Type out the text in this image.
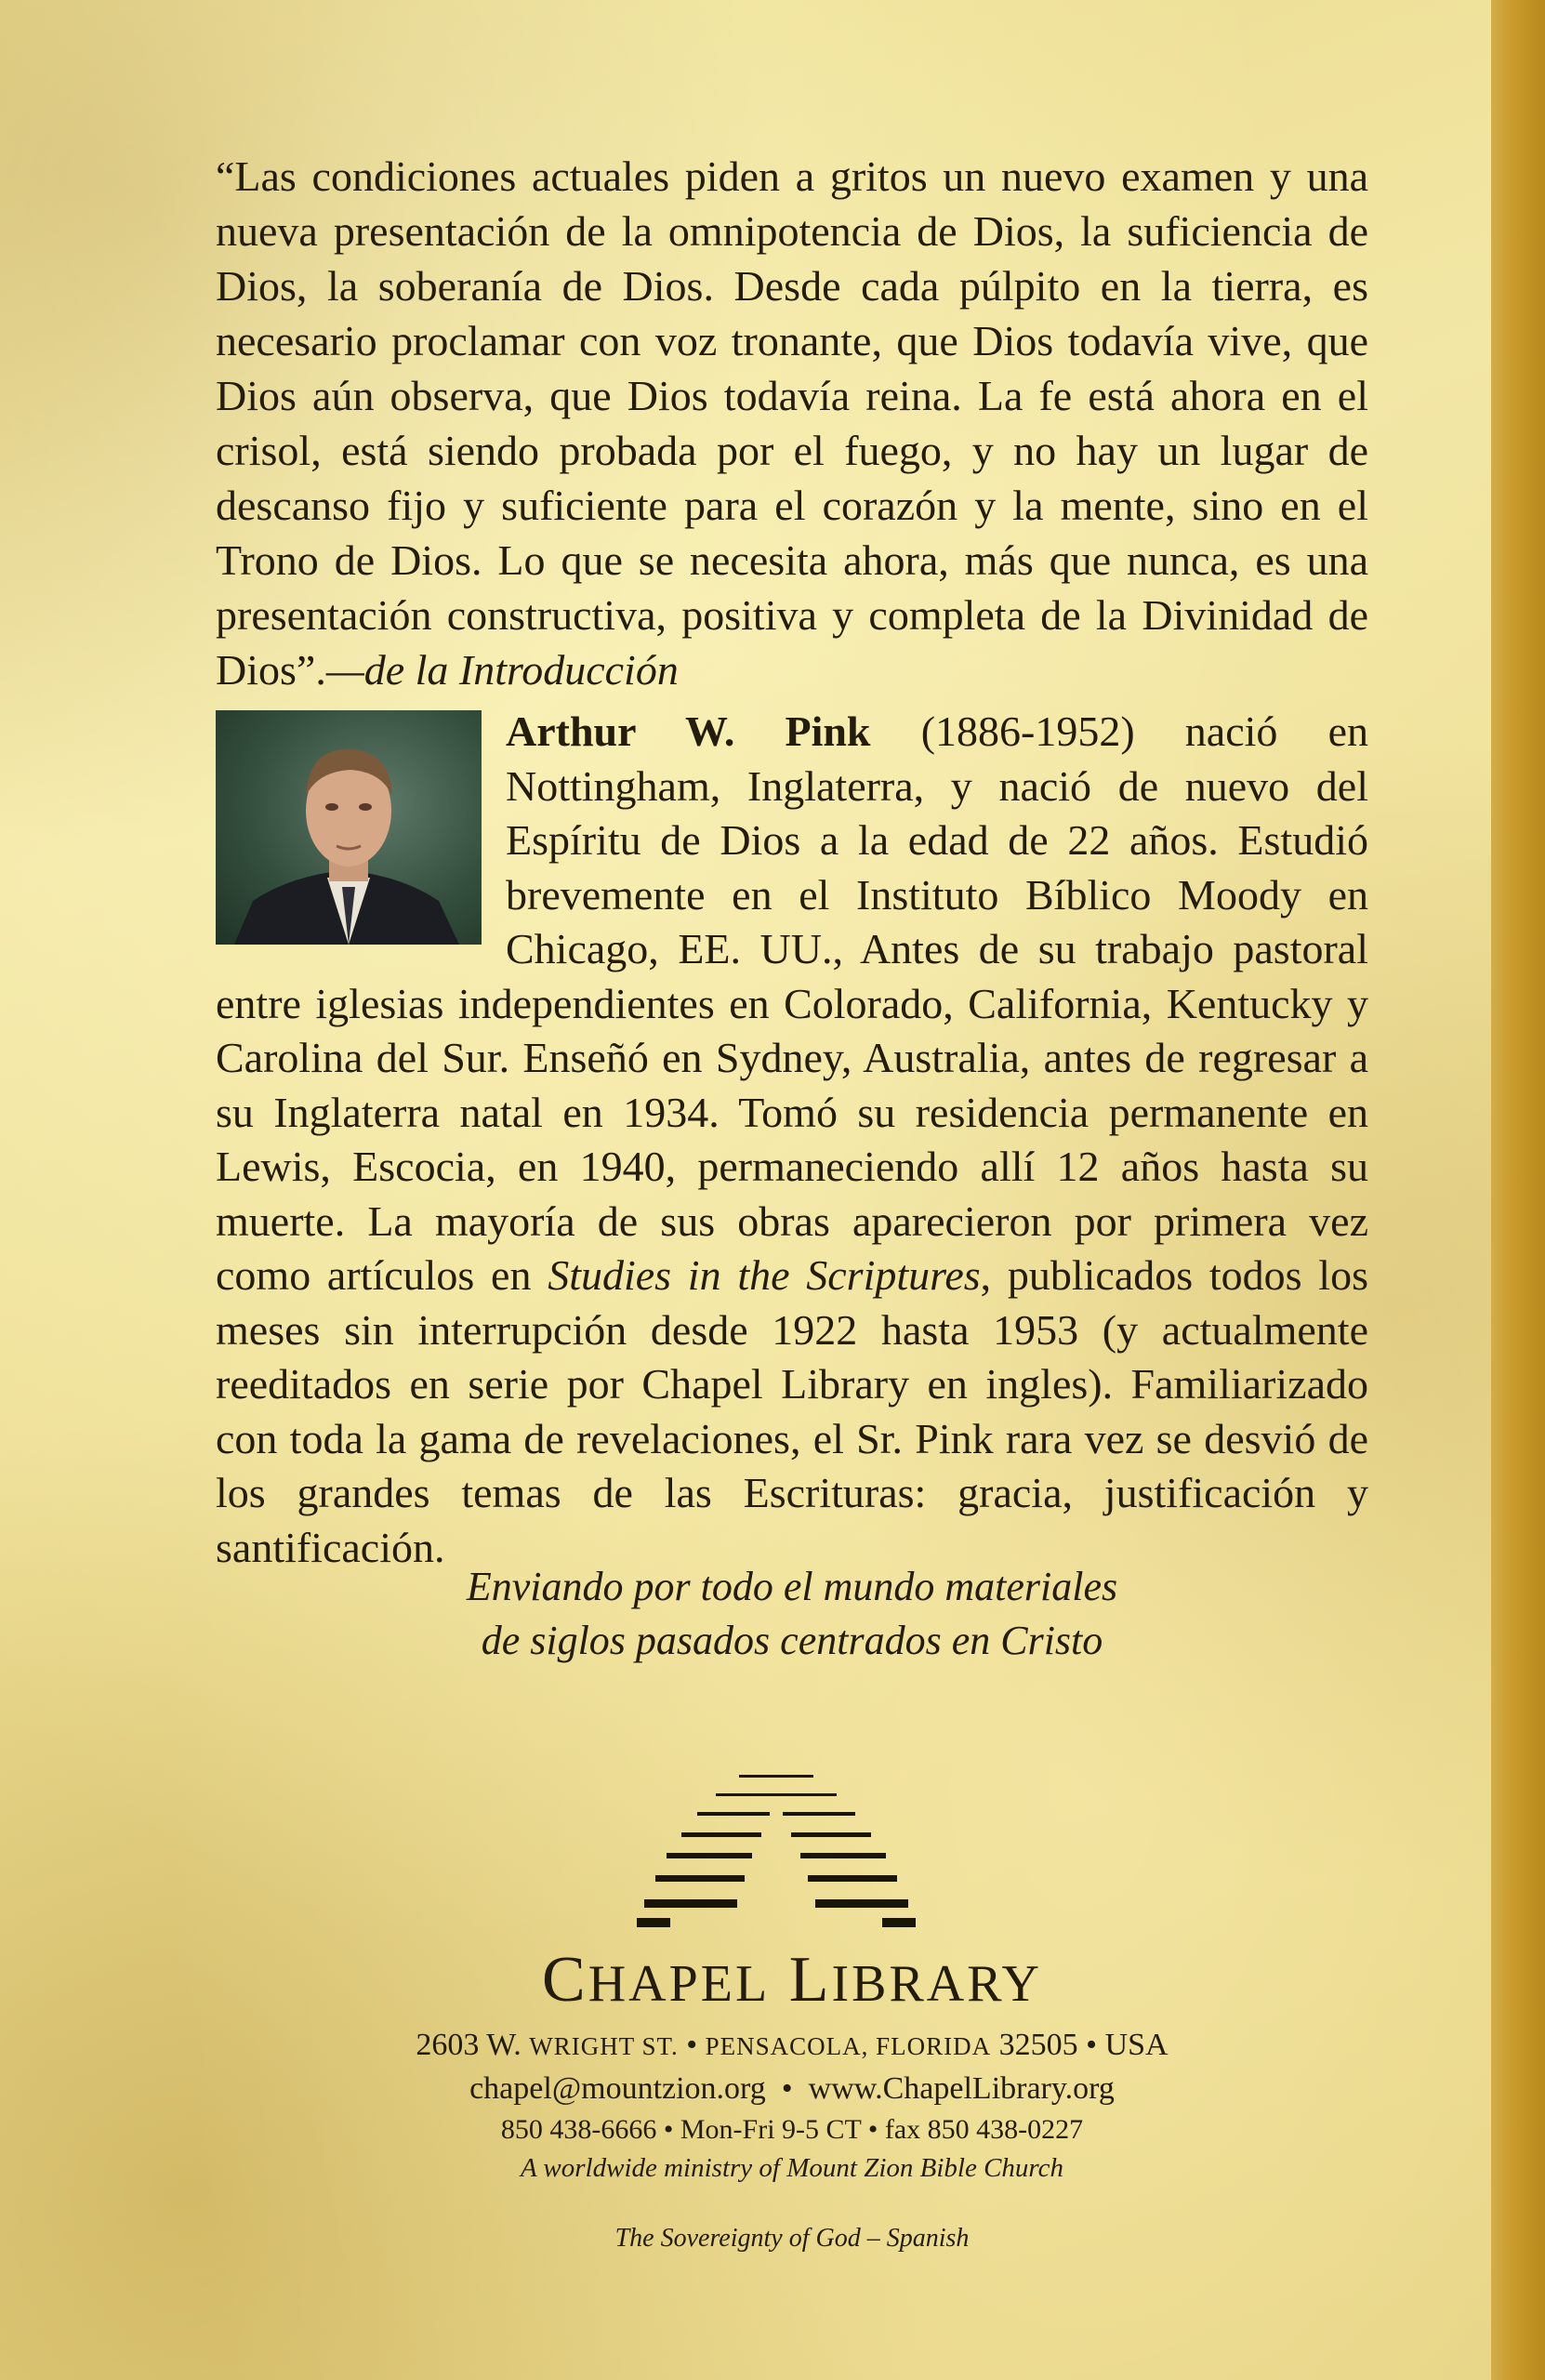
“Las condiciones actuales piden a gritos un nuevo examen y una nueva presentación de la omnipotencia de Dios, la suficiencia de Dios, la soberanía de Dios. Desde cada púlpito en la tierra, es necesario proclamar con voz tronante, que Dios todavía vive, que Dios aún observa, que Dios todavía reina. La fe está ahora en el crisol, está siendo probada por el fuego, y no hay un lugar de descanso fijo y suficiente para el corazón y la mente, sino en el Trono de Dios. Lo que se necesita ahora, más que nunca, es una presentación constructiva, positiva y completa de la Divinidad de Dios”.—de la Introducción
Arthur W. Pink (1886-1952) nació en Nottingham, Inglaterra, y nació de nuevo del Espíritu de Dios a la edad de 22 años. Estudió brevemente en el Instituto Bíblico Moody en Chicago, EE. UU., Antes de su trabajo pastoral entre iglesias independientes en Colorado, California, Kentucky y Carolina del Sur. Enseñó en Sydney, Australia, antes de regresar a su Inglaterra natal en 1934. Tomó su residencia permanente en Lewis, Escocia, en 1940, permaneciendo allí 12 años hasta su muerte. La mayoría de sus obras aparecieron por primera vez como artículos en Studies in the Scriptures, publicados todos los meses sin interrupción desde 1922 hasta 1953 (y actualmente reeditados en serie por Chapel Library en ingles). Familiarizado con toda la gama de revelaciones, el Sr. Pink rara vez se desvió de los grandes temas de las Escrituras: gracia, justificación y santificación.
Enviando por todo el mundo materiales
de siglos pasados centrados en Cristo
CHAPEL LIBRARY
2603 W. WRIGHT ST. • PENSACOLA, FLORIDA 32505 • USA
chapel@mountzion.org  •  www.ChapelLibrary.org
850 438-6666 • Mon-Fri 9-5 CT • fax 850 438-0227
A worldwide ministry of Mount Zion Bible Church
The Sovereignty of God – Spanish
